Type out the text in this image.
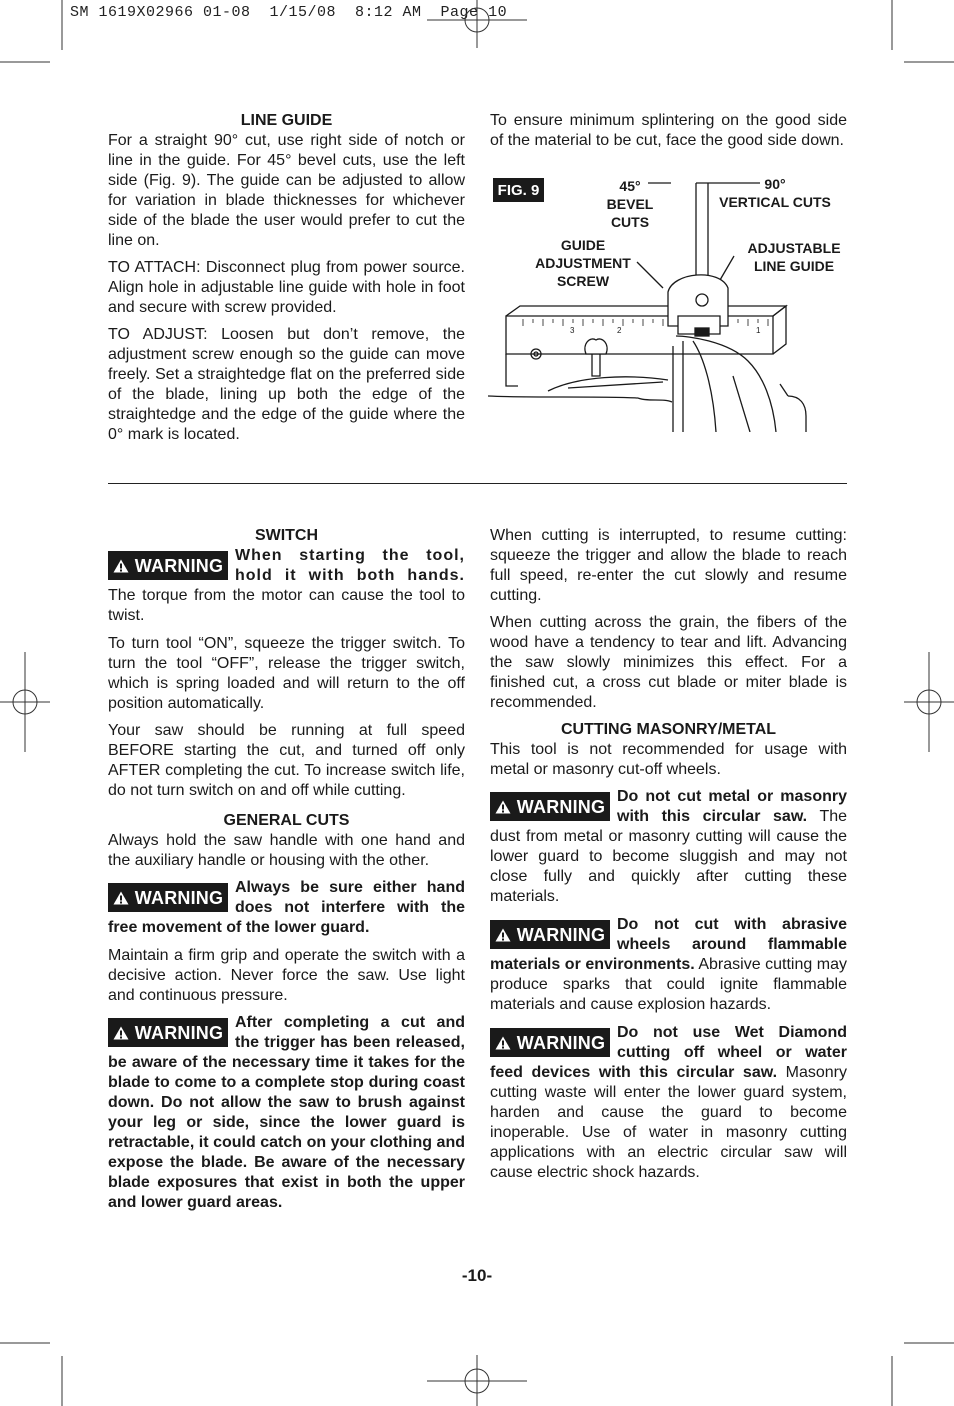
SM 1619X02966 01-08  1/15/08  8:12 AM  Page 10

LINE GUIDE

For a straight 90° cut, use right side of notch or line in the guide. For 45° bevel cuts, use the left side (Fig. 9). The guide can be adjusted to allow for variation in blade thicknesses for whichever side of the blade the user would prefer to cut the line on.

TO ATTACH: Disconnect plug from power source. Align hole in adjustable line guide with hole in foot and secure with screw provided.

TO ADJUST: Loosen but don’t remove, the adjustment screw enough so the guide can move freely. Set a straightedge flat on the preferred side of the blade, lining up both the edge of the straightedge and the edge of the guide where the 0° mark is located.

To ensure minimum splintering on the good side of the material to be cut, face the good side down.

FIG. 9	45°
BEVEL CUTS
90°
VERTICAL CUTS
GUIDE
ADJUSTMENT
SCREW
ADJUSTABLE
LINE GUIDE
3	2	1

SWITCH

WARNING When starting the tool, hold it with both hands. The torque from the motor can cause the tool to twist.

To turn tool “ON”, squeeze the trigger switch. To turn the tool “OFF”, release the trigger switch, which is spring loaded and will return to the off position automatically.

Your saw should be running at full speed BEFORE starting the cut, and turned off only AFTER completing the cut. To increase switch life, do not turn switch on and off while cutting.

GENERAL CUTS

Always hold the saw handle with one hand and the auxiliary handle or housing with the other.

WARNING Always be sure either hand does not interfere with the free movement of the lower guard.

Maintain a firm grip and operate the switch with a decisive action. Never force the saw. Use light and continuous pressure.

WARNING After completing a cut and the trigger has been released, be aware of the necessary time it takes for the blade to come to a complete stop during coast down. Do not allow the saw to brush against your leg or side, since the lower guard is retractable, it could catch on your clothing and expose the blade. Be aware of the necessary blade exposures that exist in both the upper and lower guard areas.

When cutting is interrupted, to resume cutting: squeeze the trigger and allow the blade to reach full speed, re-enter the cut slowly and resume cutting.

When cutting across the grain, the fibers of the wood have a tendency to tear and lift. Advancing the saw slowly minimizes this effect. For a finished cut, a cross cut blade or miter blade is recommended.

CUTTING MASONRY/METAL

This tool is not recommended for usage with metal or masonry cut-off wheels.

WARNING Do not cut metal or masonry with this circular saw. The dust from metal or masonry cutting will cause the lower guard to become sluggish and may not close fully and quickly after cutting these materials.
WARNING Do not cut with abrasive wheels around flammable materials or environments. Abrasive cutting may produce sparks that could ignite flammable materials and cause explosion hazards.
WARNING Do not use Wet Diamond cutting off wheel or water feed devices with this circular saw. Masonry cutting waste will enter the lower guard system, harden and cause the guard to become inoperable. Use of water in masonry cutting applications with an electric circular saw will cause electric shock hazards.
-10-
